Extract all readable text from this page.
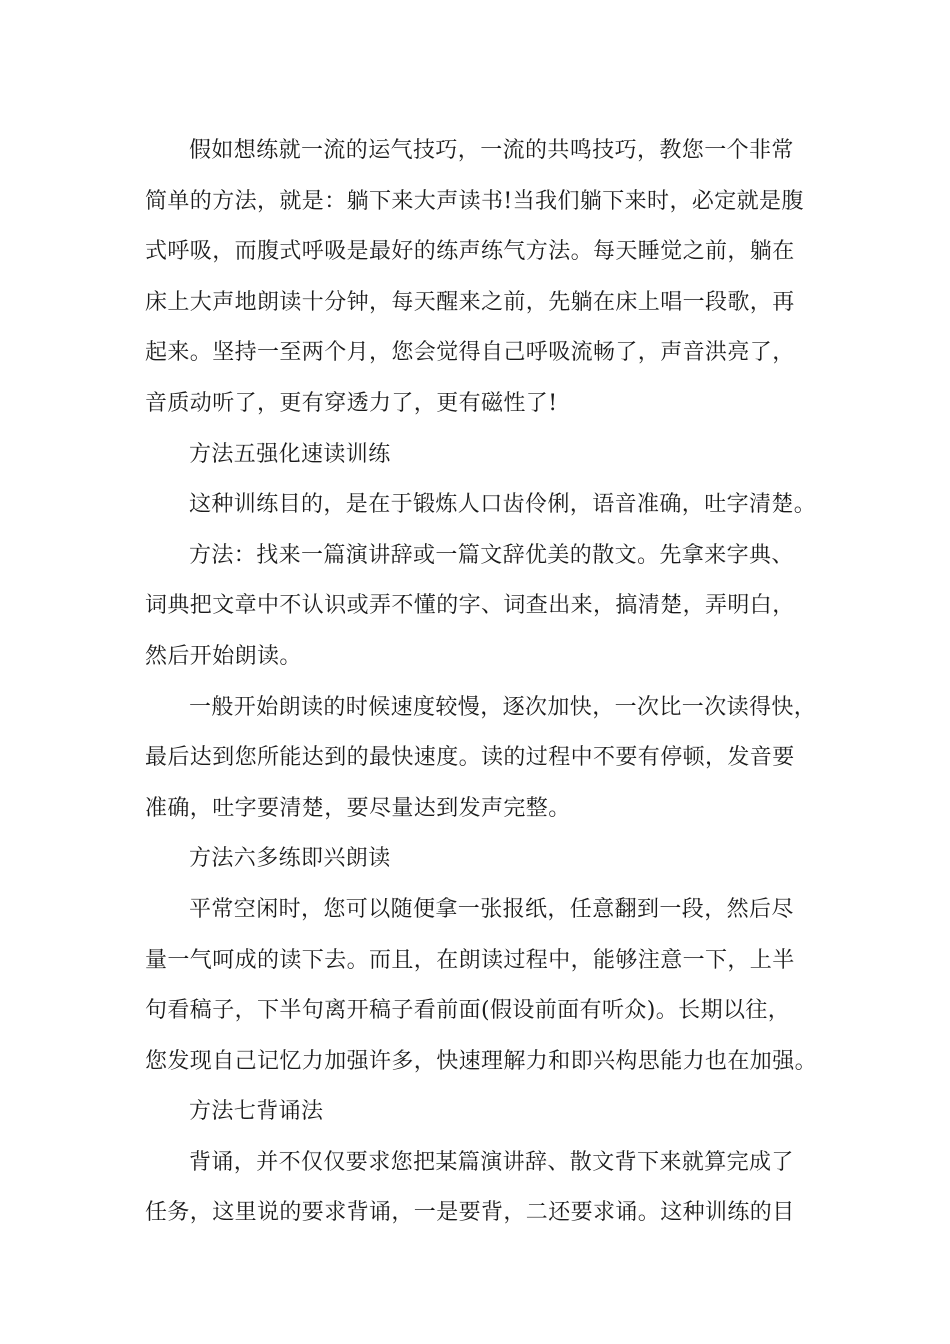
假如想练就一流的运气技巧，一流的共鸣技巧，教您一个非常
简单的方法，就是：躺下来大声读书!当我们躺下来时，必定就是腹
式呼吸，而腹式呼吸是最好的练声练气方法。每天睡觉之前，躺在
床上大声地朗读十分钟，每天醒来之前，先躺在床上唱一段歌，再
起来。坚持一至两个月，您会觉得自己呼吸流畅了，声音洪亮了，
音质动听了，更有穿透力了，更有磁性了!
方法五强化速读训练
这种训练目的，是在于锻炼人口齿伶俐，语音准确，吐字清楚。
方法：找来一篇演讲辞或一篇文辞优美的散文。先拿来字典、
词典把文章中不认识或弄不懂的字、词查出来，搞清楚，弄明白，
然后开始朗读。
一般开始朗读的时候速度较慢，逐次加快，一次比一次读得快，
最后达到您所能达到的最快速度。读的过程中不要有停顿，发音要
准确，吐字要清楚，要尽量达到发声完整。
方法六多练即兴朗读
平常空闲时，您可以随便拿一张报纸，任意翻到一段，然后尽
量一气呵成的读下去。而且，在朗读过程中，能够注意一下，上半
句看稿子，下半句离开稿子看前面(假设前面有听众)。长期以往，
您发现自己记忆力加强许多，快速理解力和即兴构思能力也在加强。
方法七背诵法
背诵，并不仅仅要求您把某篇演讲辞、散文背下来就算完成了
任务，这里说的要求背诵，一是要背，二还要求诵。这种训练的目
